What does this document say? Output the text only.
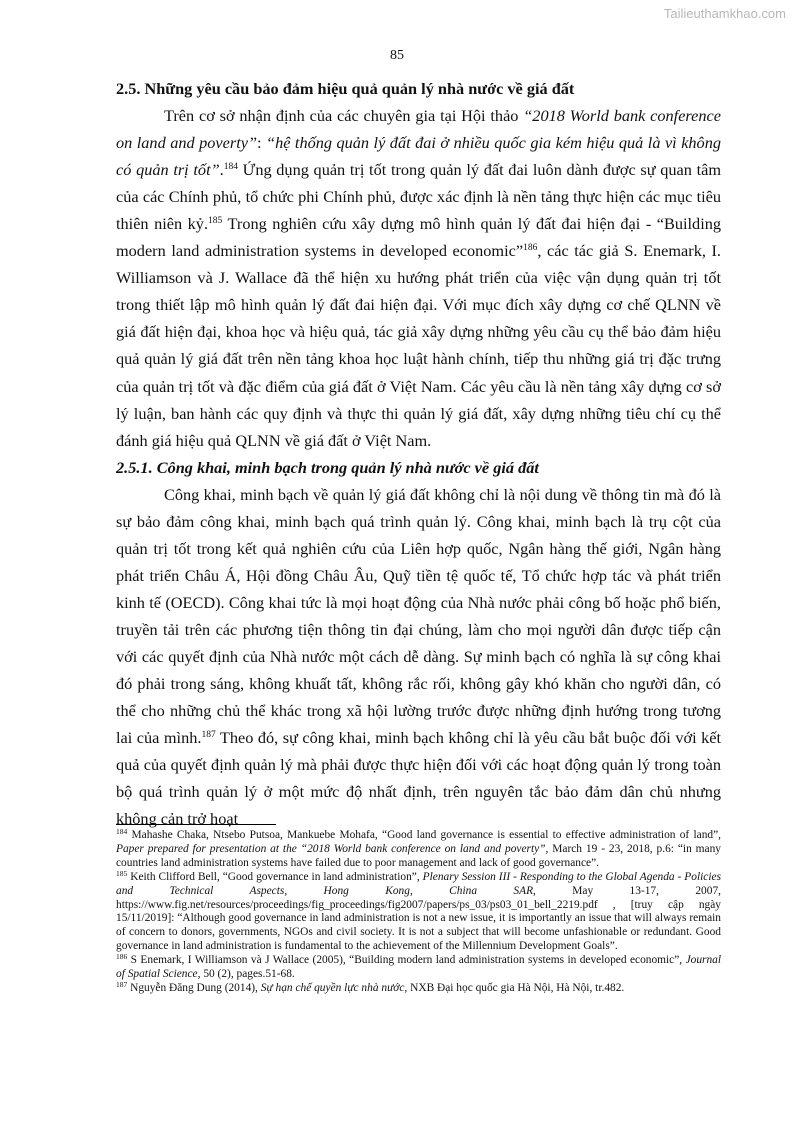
Tailieuthamkhao.com
85
2.5. Những yêu cầu bảo đảm hiệu quả quản lý nhà nước về giá đất

Trên cơ sở nhận định của các chuyên gia tại Hội thảo “2018 World bank conference on land and poverty”: “hệ thống quản lý đất đai ở nhiều quốc gia kém hiệu quả là vì không có quản trị tốt”.$^{184}$ Ứng dụng quản trị tốt trong quản lý đất đai luôn dành được sự quan tâm của các Chính phủ, tổ chức phi Chính phủ, được xác định là nền tảng thực hiện các mục tiêu thiên niên kỷ.$^{185}$ Trong nghiên cứu xây dựng mô hình quản lý đất đai hiện đại - “Building modern land administration systems in developed economic”$^{186}$, các tác giả S. Enemark, I. Williamson và J. Wallace đã thể hiện xu hướng phát triển của việc vận dụng quản trị tốt trong thiết lập mô hình quản lý đất đai hiện đại. Với mục đích xây dựng cơ chế QLNN về giá đất hiện đại, khoa học và hiệu quả, tác giả xây dựng những yêu cầu cụ thể bảo đảm hiệu quả quản lý giá đất trên nền tảng khoa học luật hành chính, tiếp thu những giá trị đặc trưng của quản trị tốt và đặc điểm của giá đất ở Việt Nam. Các yêu cầu là nền tảng xây dựng cơ sở lý luận, ban hành các quy định và thực thi quản lý giá đất, xây dựng những tiêu chí cụ thể đánh giá hiệu quả QLNN về giá đất ở Việt Nam.

2.5.1. Công khai, minh bạch trong quản lý nhà nước về giá đất

Công khai, minh bạch về quản lý giá đất không chỉ là nội dung về thông tin mà đó là sự bảo đảm công khai, minh bạch quá trình quản lý. Công khai, minh bạch là trụ cột của quản trị tốt trong kết quả nghiên cứu của Liên hợp quốc, Ngân hàng thế giới, Ngân hàng phát triển Châu Á, Hội đồng Châu Âu, Quỹ tiền tệ quốc tế, Tổ chức hợp tác và phát triển kinh tế (OECD). Công khai tức là mọi hoạt động của Nhà nước phải công bố hoặc phổ biến, truyền tải trên các phương tiện thông tin đại chúng, làm cho mọi người dân được tiếp cận với các quyết định của Nhà nước một cách dễ dàng. Sự minh bạch có nghĩa là sự công khai đó phải trong sáng, không khuất tất, không rắc rối, không gây khó khăn cho người dân, có thể cho những chủ thể khác trong xã hội lường trước được những định hướng trong tương lai của mình.$^{187}$ Theo đó, sự công khai, minh bạch không chỉ là yêu cầu bắt buộc đối với kết quả của quyết định quản lý mà phải được thực hiện đối với các hoạt động quản lý trong toàn bộ quá trình quản lý ở một mức độ nhất định, trên nguyên tắc bảo đảm dân chủ nhưng không cản trở hoạt

$^{184}$ Mahashe Chaka, Ntsebo Putsoa, Mankuebe Mohafa, “Good land governance is essential to effective administration of land”, Paper prepared for presentation at the “2018 World bank conference on land and poverty”, March 19 - 23, 2018, p.6: “in many countries land administration systems have failed due to poor management and lack of good governance”.

$^{185}$ Keith Clifford Bell, “Good governance in land administration”, Plenary Session III - Responding to the Global Agenda - Policies and Technical Aspects, Hong Kong, China SAR, May 13-17, 2007, https://www.fig.net/resources/proceedings/fig_proceedings/fig2007/papers/ps_03/ps03_01_bell_2219.pdf , [truy cập ngày 15/11/2019]: “Although good governance in land administration is not a new issue, it is importantly an issue that will always remain of concern to donors, governments, NGOs and civil society. It is not a subject that will become unfashionable or redundant. Good governance in land administration is fundamental to the achievement of the Millennium Development Goals”.

$^{186}$ S Enemark, I Williamson và J Wallace (2005), “Building modern land administration systems in developed economic”, Journal of Spatial Science, 50 (2), pages.51-68.

$^{187}$ Nguyễn Đăng Dung (2014), Sự hạn chế quyền lực nhà nước, NXB Đại học quốc gia Hà Nội, Hà Nội, tr.482.
